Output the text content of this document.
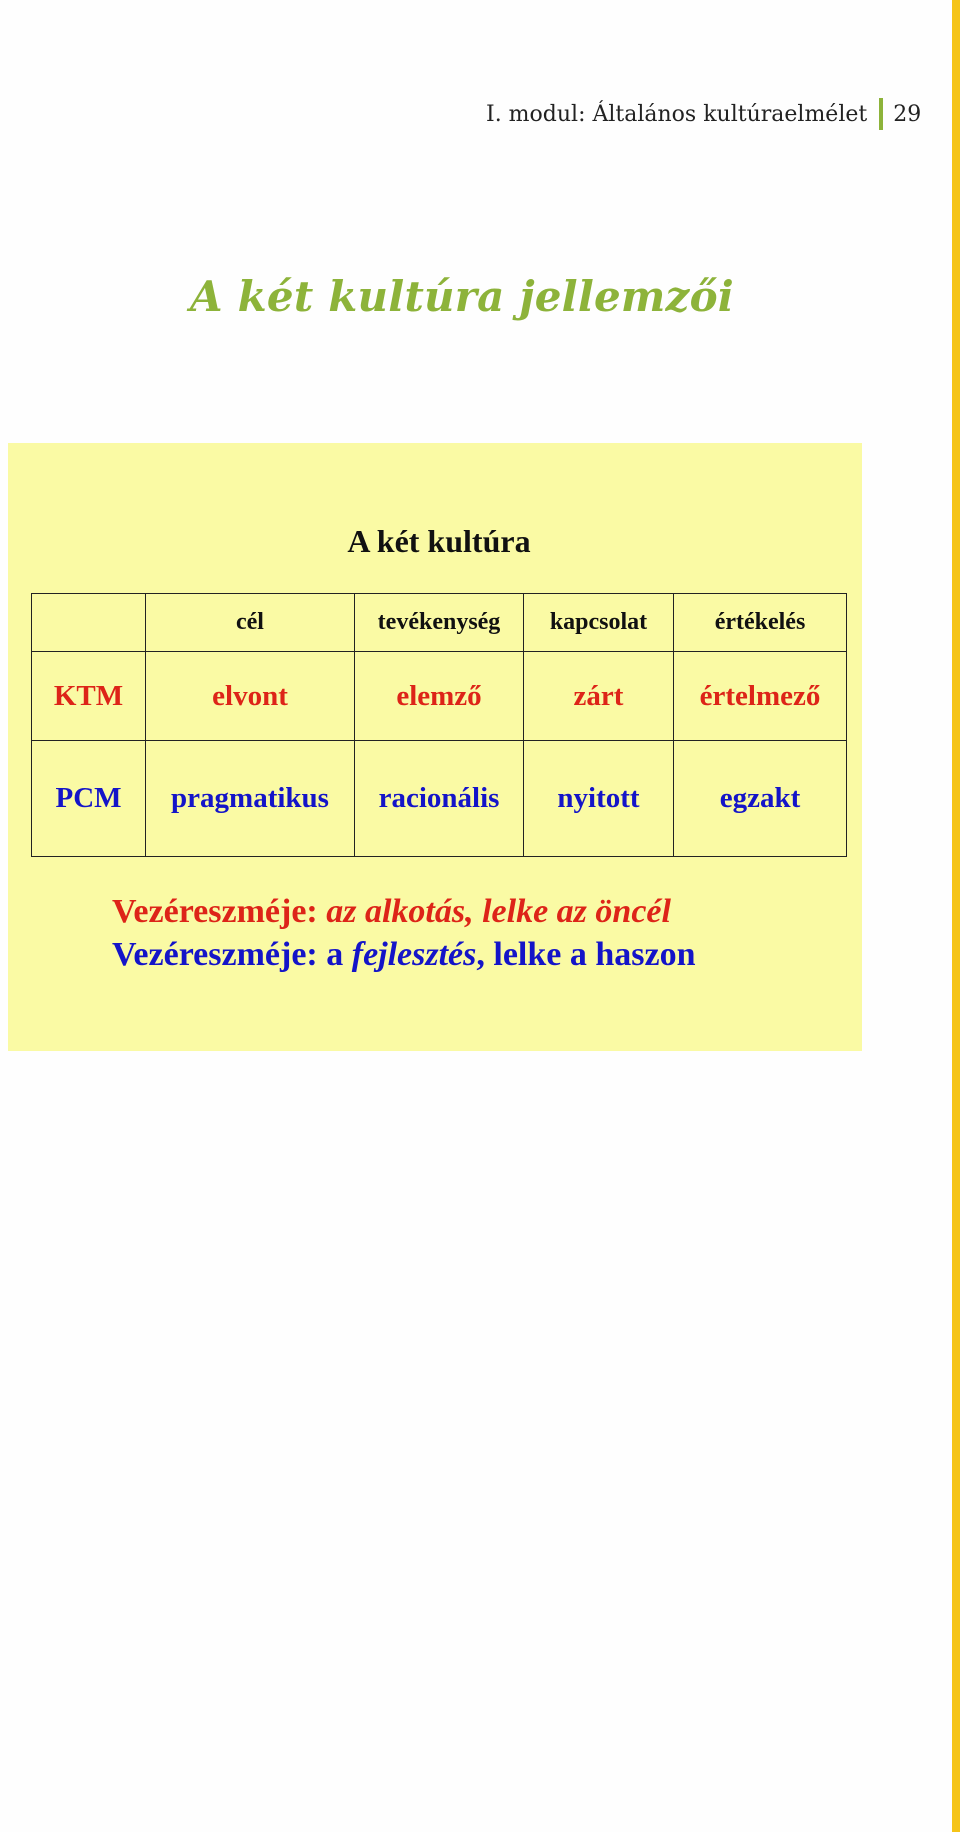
I. modul: Általános kultúraelmélet 29
A két kultúra jellemzői
A két kultúra
	cél	tevékenység	kapcsolat	értékelés
KTM	elvont	elemző	zárt	értelmező
PCM	pragmatikus	racionális	nyitott	egzakt

Vezéreszméje: az alkotás, lelke az öncél

Vezéreszméje: a fejlesztés, lelke a haszon
